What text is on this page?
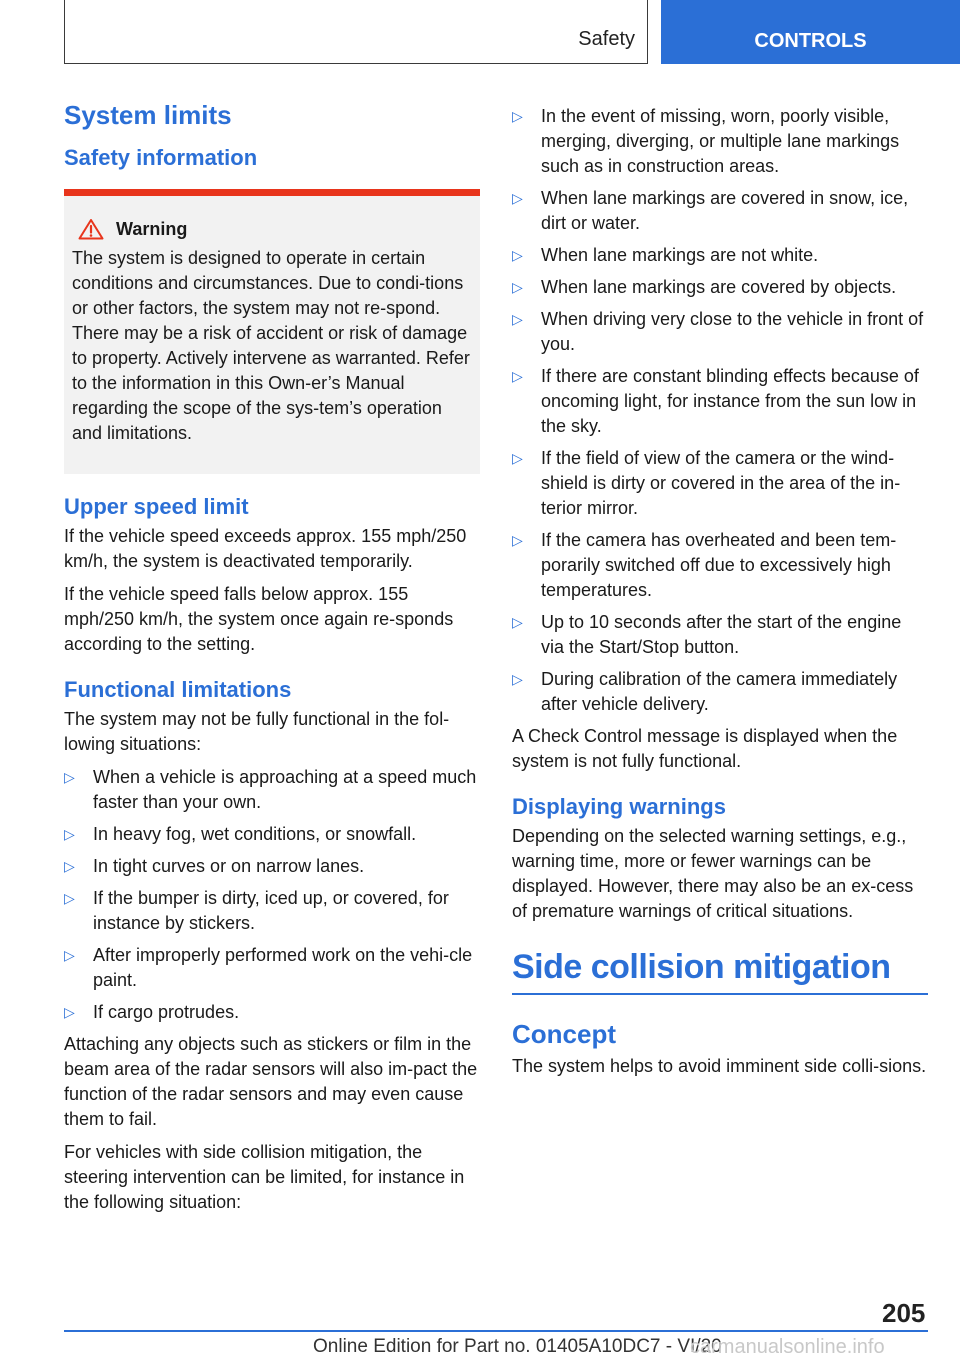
Safety	CONTROLS
System limits
Safety information
Warning

The system is designed to operate in certain conditions and circumstances. Due to condi-tions or other factors, the system may not re-spond. There may be a risk of accident or risk of damage to property. Actively intervene as warranted. Refer to the information in this Own-er’s Manual regarding the scope of the sys-tem’s operation and limitations.

Upper speed limit

If the vehicle speed exceeds approx. 155 mph/250 km/h, the system is deactivated temporarily.

If the vehicle speed falls below approx. 155 mph/250 km/h, the system once again re-sponds according to the setting.

Functional limitations

The system may not be fully functional in the fol-lowing situations:

▷ When a vehicle is approaching at a speed much faster than your own.
▷ In heavy fog, wet conditions, or snowfall.
▷ In tight curves or on narrow lanes.
▷ If the bumper is dirty, iced up, or covered, for instance by stickers.
▷ After improperly performed work on the vehi-cle paint.
▷ If cargo protrudes.

Attaching any objects such as stickers or film in the beam area of the radar sensors will also im-pact the function of the radar sensors and may even cause them to fail.

For vehicles with side collision mitigation, the steering intervention can be limited, for instance in the following situation:

▷ In the event of missing, worn, poorly visible, merging, diverging, or multiple lane markings such as in construction areas.
▷ When lane markings are covered in snow, ice, dirt or water.
▷ When lane markings are not white.
▷ When lane markings are covered by objects.
▷ When driving very close to the vehicle in front of you.
▷ If there are constant blinding effects because of oncoming light, for instance from the sun low in the sky.
▷ If the field of view of the camera or the wind-shield is dirty or covered in the area of the in-terior mirror.
▷ If the camera has overheated and been tem-porarily switched off due to excessively high temperatures.
▷ Up to 10 seconds after the start of the engine via the Start/Stop button.
▷ During calibration of the camera immediately after vehicle delivery.

A Check Control message is displayed when the system is not fully functional.

Displaying warnings

Depending on the selected warning settings, e.g., warning time, more or fewer warnings can be displayed. However, there may also be an ex-cess of premature warnings of critical situations.

Side collision mitigation
Concept

The system helps to avoid imminent side colli-sions.

205
Online Edition for Part no. 01405A10DC7 - VI/20
carmanualsonline.info
